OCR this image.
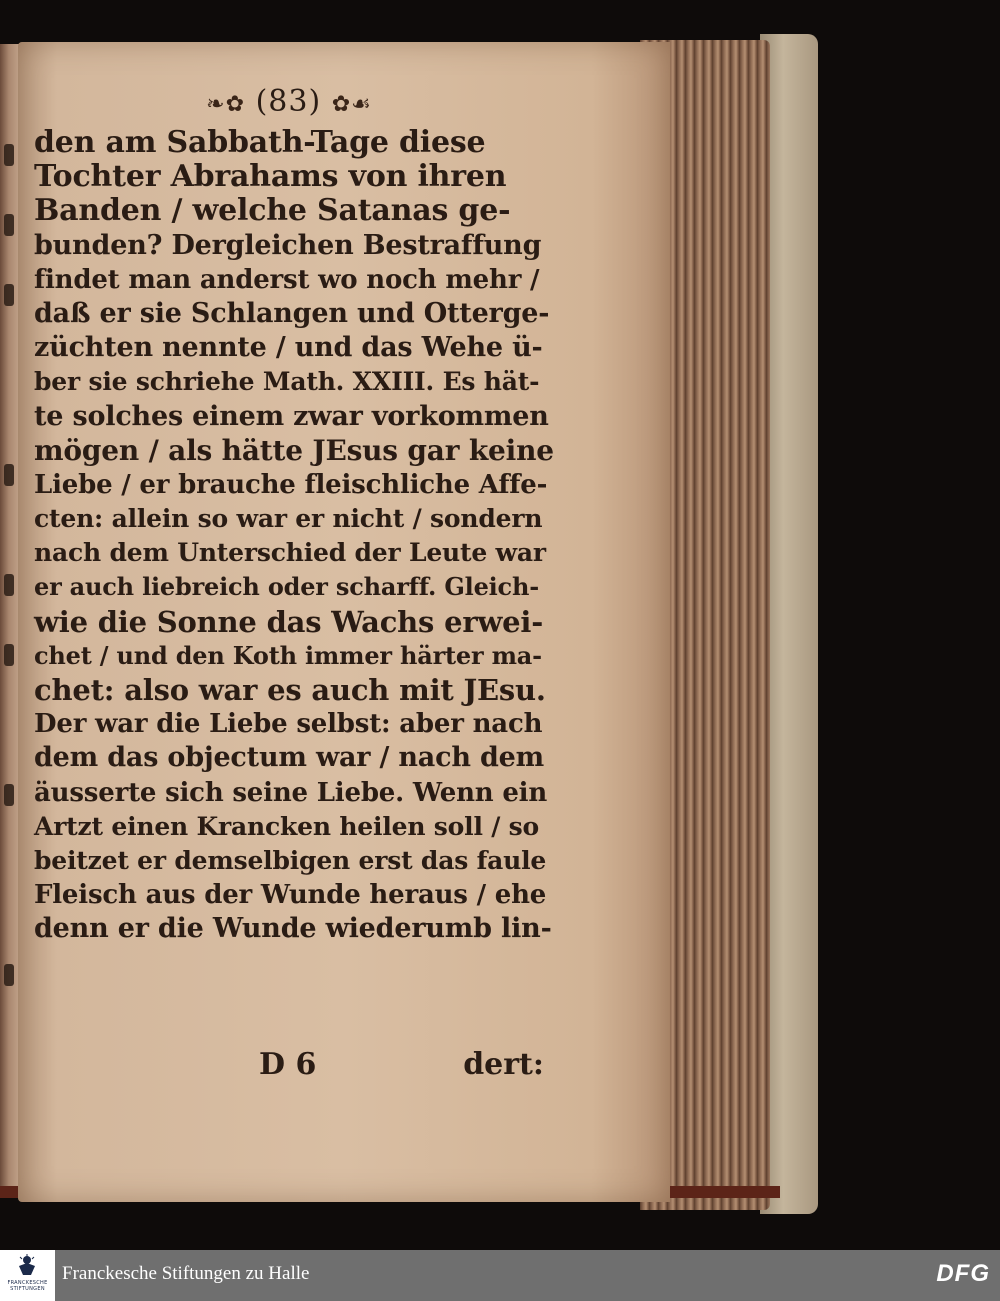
❧✿ (83) ✿☙
den am Sabbath-Tage diese
Tochter Abrahams von ihren
Banden / welche Satanas ge-
bunden? Dergleichen Bestraffung
findet man anderst wo noch mehr /
daß er sie Schlangen und Otterge-
züchten nennte / und das Wehe ü-
ber sie schriehe Math. XXIII. Es hät-
te solches einem zwar vorkommen
mögen / als hätte JEsus gar keine
Liebe / er brauche fleischliche Affe-
cten: allein so war er nicht / sondern
nach dem Unterschied der Leute war
er auch liebreich oder scharff. Gleich-
wie die Sonne das Wachs erwei-
chet / und den Koth immer härter ma-
chet: also war es auch mit JEsu.
Der war die Liebe selbst: aber nach
dem das objectum war / nach dem
äusserte sich seine Liebe. Wenn ein
Artzt einen Krancken heilen soll / so
beitzet er demselbigen erst das faule
Fleisch aus der Wunde heraus / ehe
denn er die Wunde wiederumb lin-
D 6	dert:
FRANCKESCHE STIFTUNGEN
Franckesche Stiftungen zu Halle	DFG
